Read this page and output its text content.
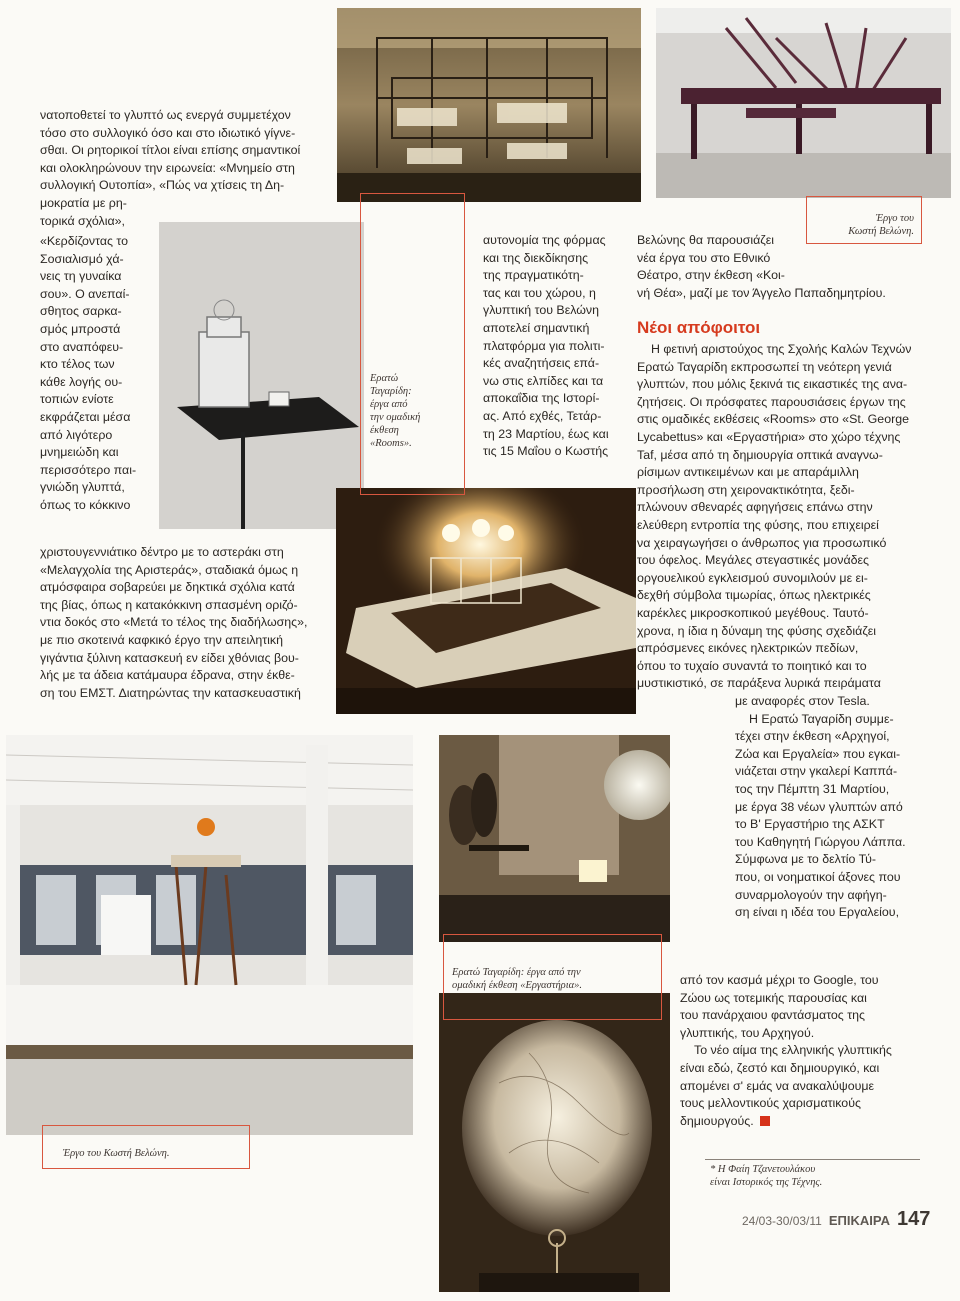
Ερατώ
Ταγαρίδη:
έργα από
την ομαδική
έκθεση
«Rooms».
Έργο του
Κωστή Βελώνη.
Ερατώ Ταγαρίδη: έργα από την
ομαδική έκθεση «Εργαστήρια».
Έργο του Κωστή Βελώνη.
νατοποθετεί το γλυπτό ως ενεργά συμμετέχον
τόσο στο συλλογικό όσο και στο ιδιωτικό γίγνε-
σθαι. Οι ρητορικοί τίτλοι είναι επίσης σημαντικοί
και ολοκληρώνουν την ειρωνεία: «Μνημείο στη
συλλογική Ουτοπία», «Πώς να χτίσεις τη Δη-
μοκρατία με ρη-
τορικά σχόλια»,
«Κερδίζοντας το
Σοσιαλισμό χά-
νεις τη γυναίκα
σου». Ο ανεπαί-
σθητος σαρκα-
σμός μπροστά
στο αναπόφευ-
κτο τέλος των
κάθε λογής ου-
τοπιών ενίοτε
εκφράζεται μέσα
από λιγότερο
μνημειώδη και
περισσότερο παι-
γνιώδη γλυπτά,
όπως το κόκκινο
χριστουγεννιάτικο δέντρο με το αστεράκι στη
«Μελαγχολία της Αριστεράς», σταδιακά όμως η
ατμόσφαιρα σοβαρεύει με δηκτικά σχόλια κατά
της βίας, όπως η κατακόκκινη σπασμένη οριζό-
ντια δοκός στο «Μετά το τέλος της διαδήλωσης»,
με πιο σκοτεινά καφκικό έργο την απειλητική
γιγάντια ξύλινη κατασκευή εν είδει χθόνιας βου-
λής με τα άδεια κατάμαυρα έδρανα, στην έκθε-
ση του ΕΜΣΤ. Διατηρώντας την κατασκευαστική
αυτονομία της φόρμας
και της διεκδίκησης
της πραγματικότη-
τας και του χώρου, η
γλυπτική του Βελώνη
αποτελεί σημαντική
πλατφόρμα για πολιτι-
κές αναζητήσεις επά-
νω στις ελπίδες και τα
αποκαΐδια της Ιστορί-
ας. Από εχθές, Τετάρ-
τη 23 Μαρτίου, έως και
τις 15 Μαΐου ο Κωστής
Βελώνης θα παρουσιάζει
νέα έργα του στο Εθνικό
Θέατρο, στην έκθεση «Κοι-
νή Θέα», μαζί με τον Άγγελο Παπαδημητρίου.
Νέοι απόφοιτοι
Η φετινή αριστούχος της Σχολής Καλών Τεχνών
Ερατώ Ταγαρίδη εκπροσωπεί τη νεότερη γενιά
γλυπτών, που μόλις ξεκινά τις εικαστικές της ανα-
ζητήσεις. Οι πρόσφατες παρουσιάσεις έργων της
στις ομαδικές εκθέσεις «Rooms» στο «St. George
Lycabettus» και «Εργαστήρια» στο χώρο τέχνης
Taf, μέσα από τη δημιουργία οπτικά αναγνω-
ρίσιμων αντικειμένων και με απαράμιλλη
προσήλωση στη χειρονακτικότητα, ξεδι-
πλώνουν σθεναρές αφηγήσεις επάνω στην
ελεύθερη εντροπία της φύσης, που επιχειρεί
να χειραγωγήσει ο άνθρωπος για προσωπικό
του όφελος. Μεγάλες στεγαστικές μονάδες
οργουελικού εγκλεισμού συνομιλούν με ει-
δεχθή σύμβολα τιμωρίας, όπως ηλεκτρικές
καρέκλες μικροσκοπικού μεγέθους. Ταυτό-
χρονα, η ίδια η δύναμη της φύσης σχεδιάζει
απρόσμενες εικόνες ηλεκτρικών πεδίων,
όπου το τυχαίο συναντά το ποιητικό και το
μυστικιστικό, σε παράξενα λυρικά πειράματα
με αναφορές στον Tesla.
Η Ερατώ Ταγαρίδη συμμε-
τέχει στην έκθεση «Αρχηγοί,
Ζώα και Εργαλεία» που εγκαι-
νιάζεται στην γκαλερί Καππά-
τος την Πέμπτη 31 Μαρτίου,
με έργα 38 νέων γλυπτών από
το Β' Εργαστήριο της ΑΣΚΤ
του Καθηγητή Γιώργου Λάππα.
Σύμφωνα με το δελτίο Τύ-
που, οι νοηματικοί άξονες που
συναρμολογούν την αφήγη-
ση είναι η ιδέα του Εργαλείου,
από τον κασμά μέχρι το Google, του
Ζώου ως τοτεμικής παρουσίας και
του πανάρχαιου φαντάσματος της
γλυπτικής, του Αρχηγού.
Το νέο αίμα της ελληνικής γλυπτικής
είναι εδώ, ζεστό και δημιουργικό, και
απομένει σ' εμάς να ανακαλύψουμε
τους μελλοντικούς χαρισματικούς
δημιουργούς.
* Η Φαίη Τζανετουλάκου
είναι Ιστορικός της Τέχνης.
24/03-30/03/11 ΕΠΙΚΑΙΡΑ 147
